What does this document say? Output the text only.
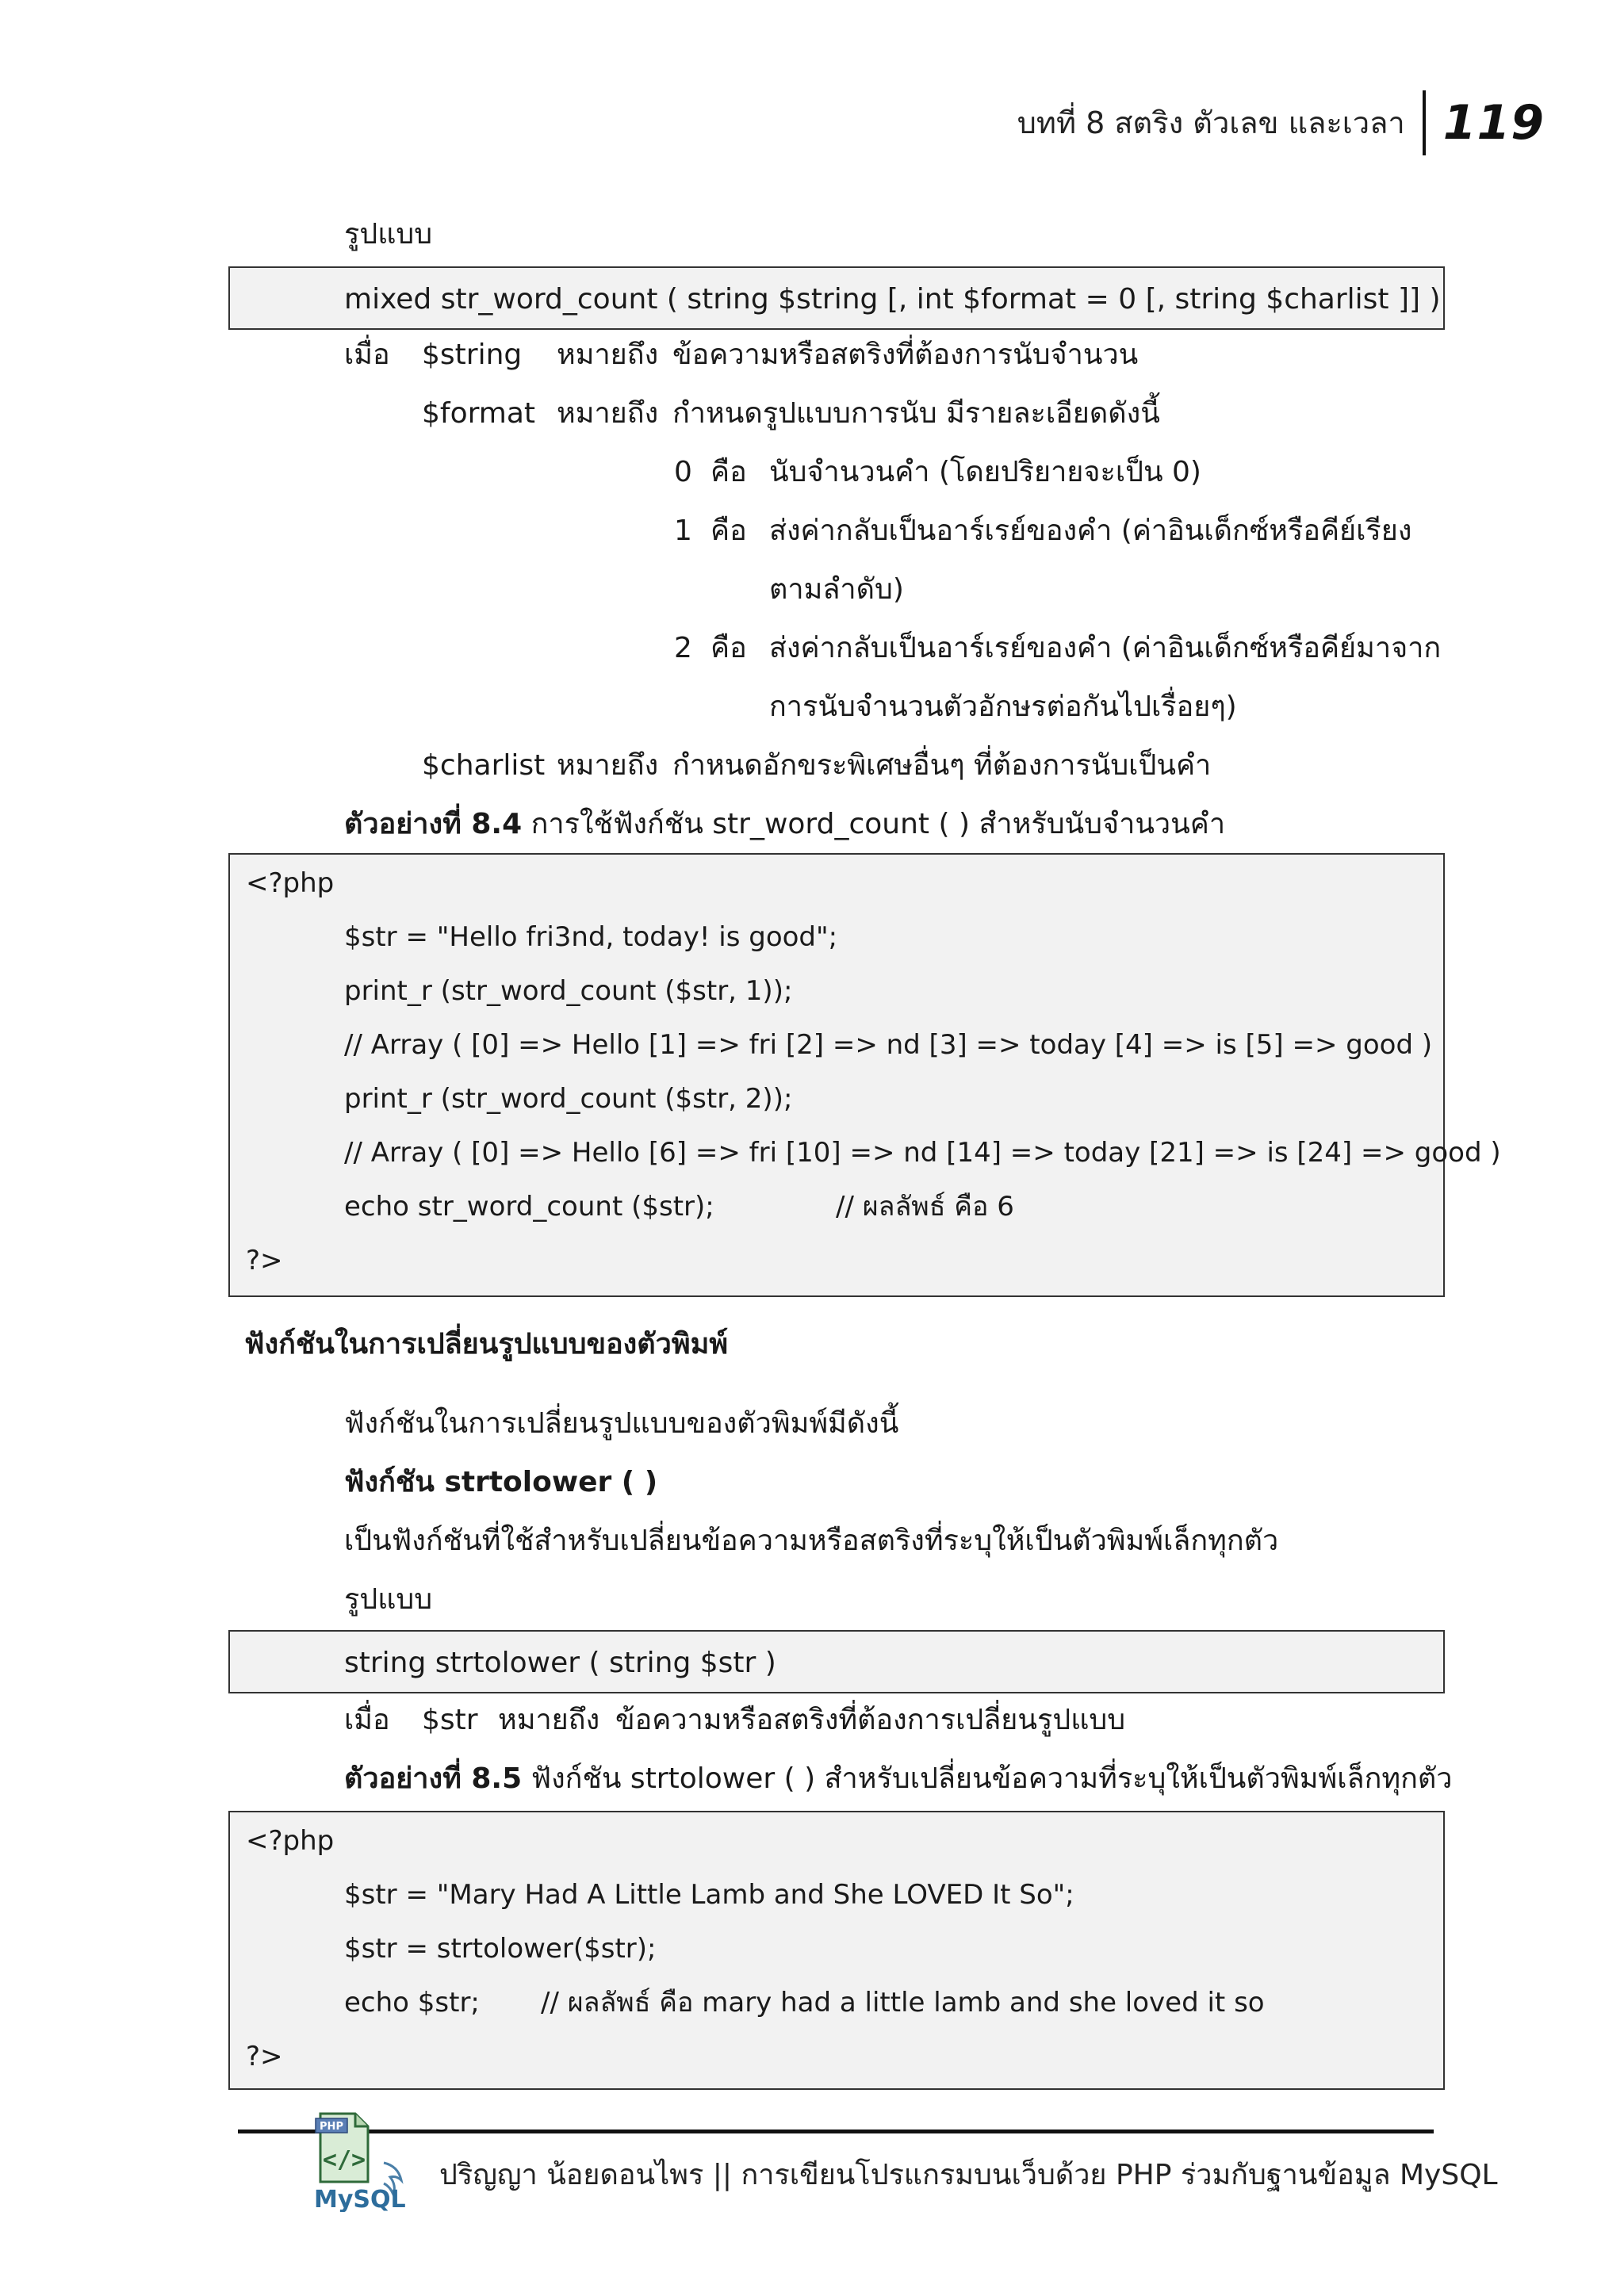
บทที่ 8 สตริง ตัวเลข และเวลา 119
รูปแบบ
mixed str_word_count ( string $string [, int $format = 0 [, string $charlist ]] )
เมื่อ $string หมายถึง ข้อความหรือสตริงที่ต้องการนับจำนวน
$format หมายถึง กำหนดรูปแบบการนับ มีรายละเอียดดังนี้
0 คือ นับจำนวนคำ (โดยปริยายจะเป็น 0)
1 คือ ส่งค่ากลับเป็นอาร์เรย์ของคำ (ค่าอินเด็กซ์หรือคีย์เรียง
ตามลำดับ)
2 คือ ส่งค่ากลับเป็นอาร์เรย์ของคำ (ค่าอินเด็กซ์หรือคีย์มาจาก
การนับจำนวนตัวอักษรต่อกันไปเรื่อยๆ)
$charlist หมายถึง กำหนดอักขระพิเศษอื่นๆ ที่ต้องการนับเป็นคำ
ตัวอย่างที่ 8.4 การใช้ฟังก์ชัน str_word_count ( ) สำหรับนับจำนวนคำ
<?php
$str = "Hello fri3nd, today! is good";
print_r (str_word_count ($str, 1));
// Array ( [0] => Hello [1] => fri [2] => nd [3] => today [4] => is [5] => good )
print_r (str_word_count ($str, 2));
// Array ( [0] => Hello [6] => fri [10] => nd [14] => today [21] => is [24] => good )
echo str_word_count ($str);	// ผลลัพธ์ คือ 6
?>
ฟังก์ชันในการเปลี่ยนรูปแบบของตัวพิมพ์
ฟังก์ชันในการเปลี่ยนรูปแบบของตัวพิมพ์มีดังนี้
ฟังก์ชัน strtolower ( )
เป็นฟังก์ชันที่ใช้สำหรับเปลี่ยนข้อความหรือสตริงที่ระบุให้เป็นตัวพิมพ์เล็กทุกตัว
รูปแบบ
string strtolower ( string $str )
เมื่อ $str หมายถึง ข้อความหรือสตริงที่ต้องการเปลี่ยนรูปแบบ
ตัวอย่างที่ 8.5 ฟังก์ชัน strtolower ( ) สำหรับเปลี่ยนข้อความที่ระบุให้เป็นตัวพิมพ์เล็กทุกตัว
<?php
$str = "Mary Had A Little Lamb and She LOVED It So";
$str = strtolower($str);
echo $str; // ผลลัพธ์ คือ mary had a little lamb and she loved it so
?>
PHP
</>
MySQL
ปริญญา น้อยดอนไพร || การเขียนโปรแกรมบนเว็บด้วย PHP ร่วมกับฐานข้อมูล MySQL
